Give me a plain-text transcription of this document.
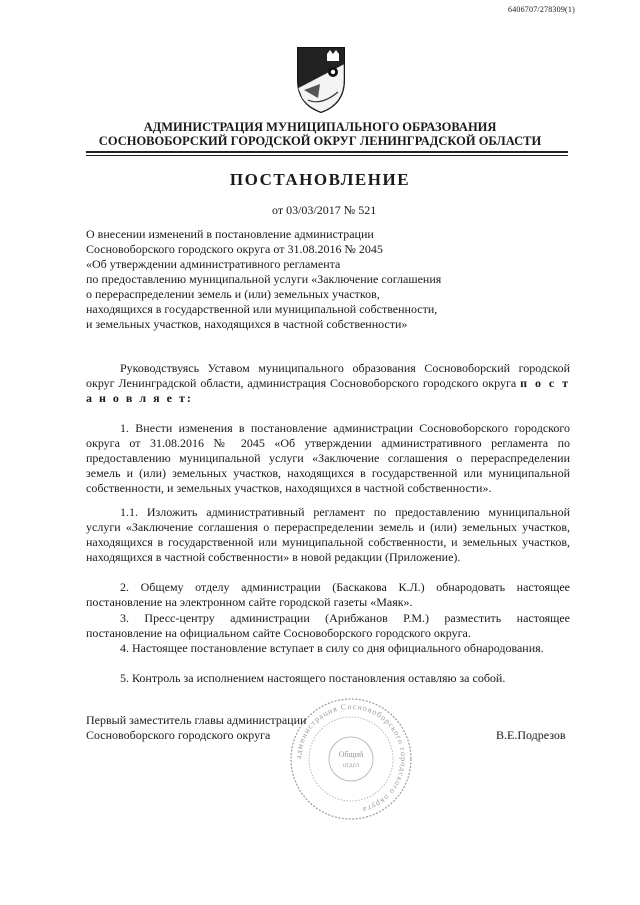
6406707/278309(1)
АДМИНИСТРАЦИЯ МУНИЦИПАЛЬНОГО ОБРАЗОВАНИЯ
СОСНОВОБОРСКИЙ ГОРОДСКОЙ ОКРУГ ЛЕНИНГРАДСКОЙ ОБЛАСТИ
ПОСТАНОВЛЕНИЕ
от 03/03/2017 № 521
О внесении изменений в постановление администрации
Сосновоборского городского округа от 31.08.2016 № 2045
«Об утверждении административного регламента
по предоставлению муниципальной услуги «Заключение соглашения
о перераспределении земель и (или) земельных участков,
находящихся в государственной или муниципальной собственности,
и земельных участков, находящихся в частной собственности»
Руководствуясь Уставом муниципального образования Сосновоборский городской округ Ленинградской области, администрация Сосновоборского городского округа п о с т а н о в л я е т:
1. Внести изменения в постановление администрации Сосновоборского городского округа от 31.08.2016 № 2045 «Об утверждении административного регламента по предоставлению муниципальной услуги «Заключение соглашения о перераспределении земель и (или) земельных участков, находящихся в государственной или муниципальной собственности, и земельных участков, находящихся в частной собственности».
1.1. Изложить административный регламент по предоставлению муниципальной услуги «Заключение соглашения о перераспределении земель и (или) земельных участков, находящихся в государственной или муниципальной собственности, и земельных участков, находящихся в частной собственности» в новой редакции (Приложение).
2. Общему отделу администрации (Баскакова К.Л.) обнародовать настоящее постановление на электронном сайте городской газеты «Маяк».
3. Пресс-центру администрации (Арибжанов Р.М.) разместить настоящее постановление на официальном сайте Сосновоборского городского округа.
4. Настоящее постановление вступает в силу со дня официального обнародования.
5. Контроль за исполнением настоящего постановления оставляю за собой.
администрация Сосновоборского городского округа
Общий
отдел
Первый заместитель главы администрации
Сосновоборского городского округа	В.Е.Подрезов
